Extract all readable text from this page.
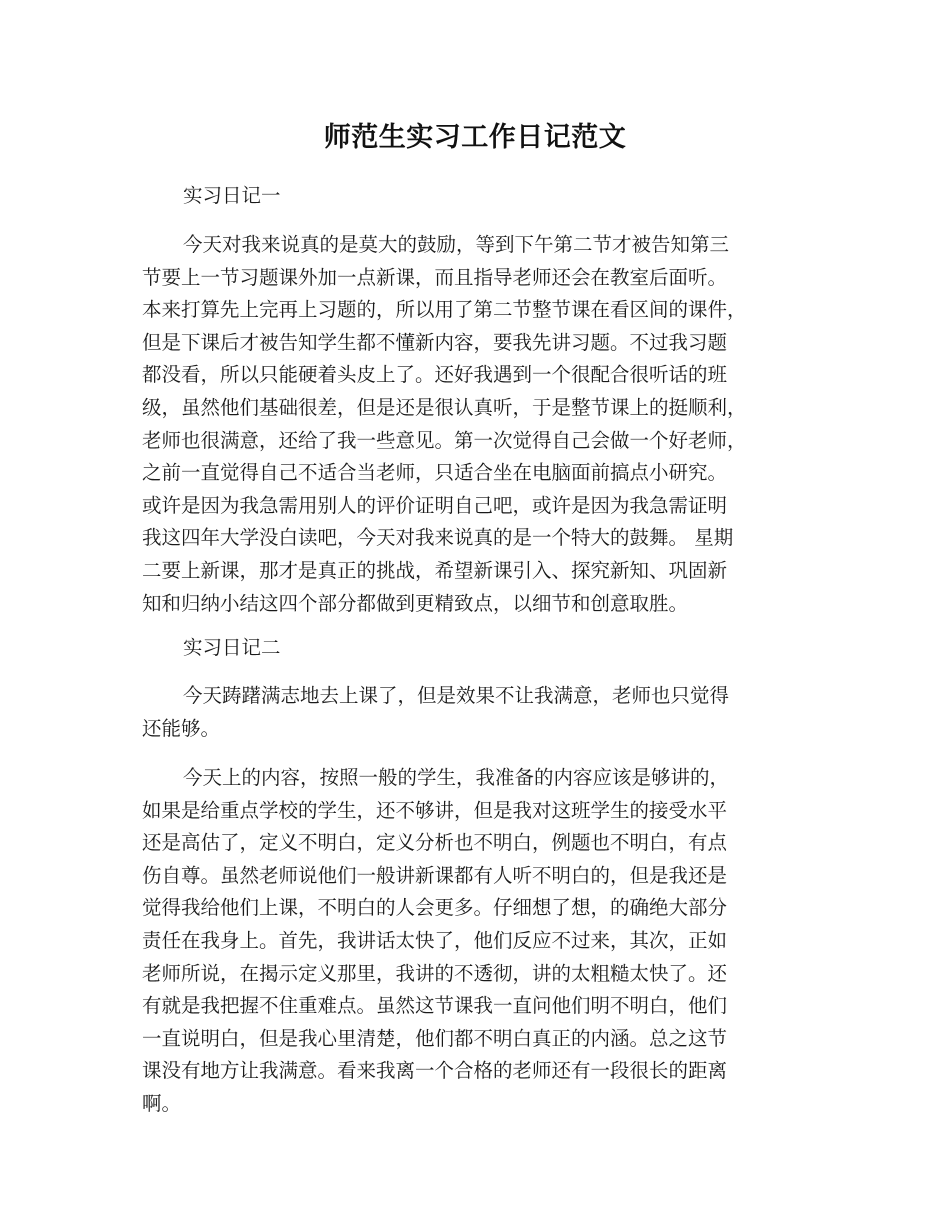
师范生实习工作日记范文
实习日记一
今天对我来说真的是莫大的鼓励，等到下午第二节才被告知第三
节要上一节习题课外加一点新课，而且指导老师还会在教室后面听。
本来打算先上完再上习题的，所以用了第二节整节课在看区间的课件，
但是下课后才被告知学生都不懂新内容，要我先讲习题。不过我习题
都没看，所以只能硬着头皮上了。还好我遇到一个很配合很听话的班
级，虽然他们基础很差，但是还是很认真听，于是整节课上的挺顺利，
老师也很满意，还给了我一些意见。第一次觉得自己会做一个好老师，
之前一直觉得自己不适合当老师，只适合坐在电脑面前搞点小研究。
或许是因为我急需用别人的评价证明自己吧，或许是因为我急需证明
我这四年大学没白读吧，今天对我来说真的是一个特大的鼓舞。 星期
二要上新课，那才是真正的挑战，希望新课引入、探究新知、巩固新
知和归纳小结这四个部分都做到更精致点，以细节和创意取胜。
实习日记二
今天踌躇满志地去上课了，但是效果不让我满意，老师也只觉得
还能够。
今天上的内容，按照一般的学生，我准备的内容应该是够讲的，
如果是给重点学校的学生，还不够讲，但是我对这班学生的接受水平
还是高估了，定义不明白，定义分析也不明白，例题也不明白，有点
伤自尊。虽然老师说他们一般讲新课都有人听不明白的，但是我还是
觉得我给他们上课，不明白的人会更多。仔细想了想，的确绝大部分
责任在我身上。首先，我讲话太快了，他们反应不过来，其次，正如
老师所说，在揭示定义那里，我讲的不透彻，讲的太粗糙太快了。还
有就是我把握不住重难点。虽然这节课我一直问他们明不明白，他们
一直说明白，但是我心里清楚，他们都不明白真正的内涵。总之这节
课没有地方让我满意。看来我离一个合格的老师还有一段很长的距离
啊。
